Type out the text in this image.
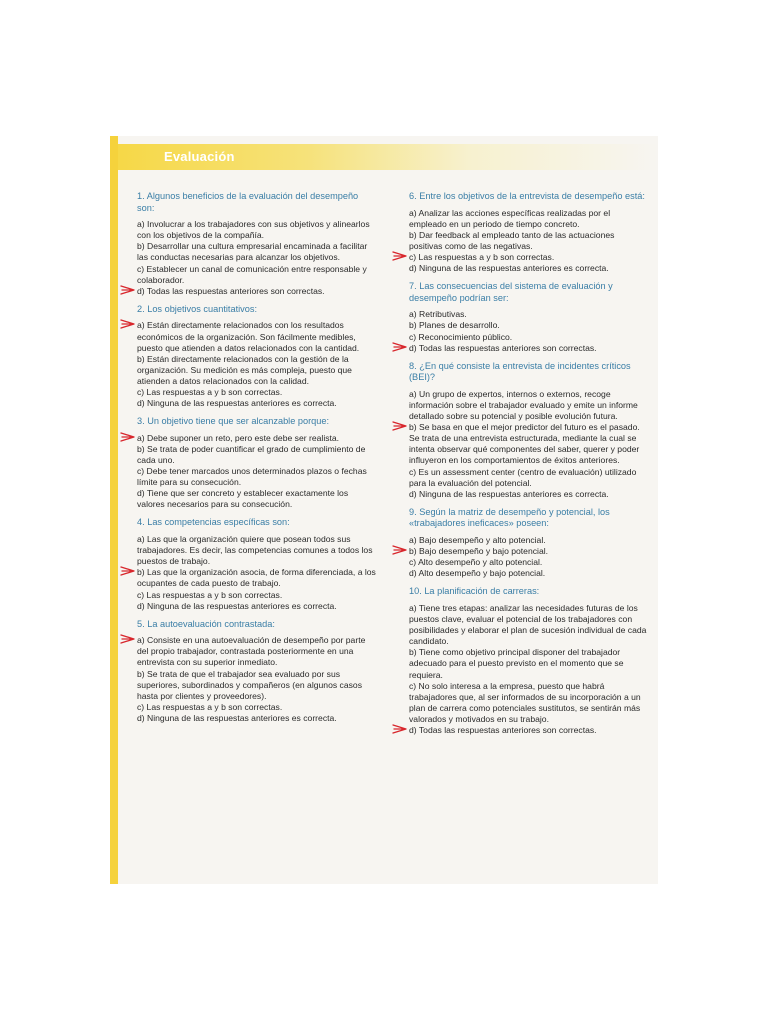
Evaluación
1. Algunos beneficios de la evaluación del desempeño son:
a) Involucrar a los trabajadores con sus objetivos y alinearlos con los objetivos de la compañía.
b) Desarrollar una cultura empresarial encaminada a facilitar las conductas necesarias para alcanzar los objetivos.
c) Establecer un canal de comunicación entre responsable y colaborador.
d) Todas las respuestas anteriores son correctas.
2. Los objetivos cuantitativos:
a) Están directamente relacionados con los resultados económicos de la organización. Son fácilmente medibles, puesto que atienden a datos relacionados con la cantidad.
b) Están directamente relacionados con la gestión de la organización. Su medición es más compleja, puesto que atienden a datos relacionados con la calidad.
c) Las respuestas a y b son correctas.
d) Ninguna de las respuestas anteriores es correcta.
3. Un objetivo tiene que ser alcanzable porque:
a) Debe suponer un reto, pero este debe ser realista.
b) Se trata de poder cuantificar el grado de cumplimiento de cada uno.
c) Debe tener marcados unos determinados plazos o fechas límite para su consecución.
d) Tiene que ser concreto y establecer exactamente los valores necesarios para su consecución.
4. Las competencias específicas son:
a) Las que la organización quiere que posean todos sus trabajadores. Es decir, las competencias comunes a todos los puestos de trabajo.
b) Las que la organización asocia, de forma diferenciada, a los ocupantes de cada puesto de trabajo.
c) Las respuestas a y b son correctas.
d) Ninguna de las respuestas anteriores es correcta.
5. La autoevaluación contrastada:
a) Consiste en una autoevaluación de desempeño por parte del propio trabajador, contrastada posteriormente en una entrevista con su superior inmediato.
b) Se trata de que el trabajador sea evaluado por sus superiores, subordinados y compañeros (en algunos casos hasta por clientes y proveedores).
c) Las respuestas a y b son correctas.
d) Ninguna de las respuestas anteriores es correcta.
6. Entre los objetivos de la entrevista de desempeño está:
a) Analizar las acciones específicas realizadas por el empleado en un periodo de tiempo concreto.
b) Dar feedback al empleado tanto de las actuaciones positivas como de las negativas.
c) Las respuestas a y b son correctas.
d) Ninguna de las respuestas anteriores es correcta.
7. Las consecuencias del sistema de evaluación y desempeño podrían ser:
a) Retributivas.
b) Planes de desarrollo.
c) Reconocimiento público.
d) Todas las respuestas anteriores son correctas.
8. ¿En qué consiste la entrevista de incidentes críticos (BEI)?
a) Un grupo de expertos, internos o externos, recoge información sobre el trabajador evaluado y emite un informe detallado sobre su potencial y posible evolución futura.
b) Se basa en que el mejor predictor del futuro es el pasado. Se trata de una entrevista estructurada, mediante la cual se intenta observar qué componentes del saber, querer y poder influyeron en los comportamientos de éxitos anteriores.
c) Es un assessment center (centro de evaluación) utilizado para la evaluación del potencial.
d) Ninguna de las respuestas anteriores es correcta.
9. Según la matriz de desempeño y potencial, los «trabajadores ineficaces» poseen:
a) Bajo desempeño y alto potencial.
b) Bajo desempeño y bajo potencial.
c) Alto desempeño y alto potencial.
d) Alto desempeño y bajo potencial.
10. La planificación de carreras:
a) Tiene tres etapas: analizar las necesidades futuras de los puestos clave, evaluar el potencial de los trabajadores con posibilidades y elaborar el plan de sucesión individual de cada candidato.
b) Tiene como objetivo principal disponer del trabajador adecuado para el puesto previsto en el momento que se requiera.
c) No solo interesa a la empresa, puesto que habrá trabajadores que, al ser informados de su incorporación a un plan de carrera como potenciales sustitutos, se sentirán más valorados y motivados en su trabajo.
d) Todas las respuestas anteriores son correctas.
